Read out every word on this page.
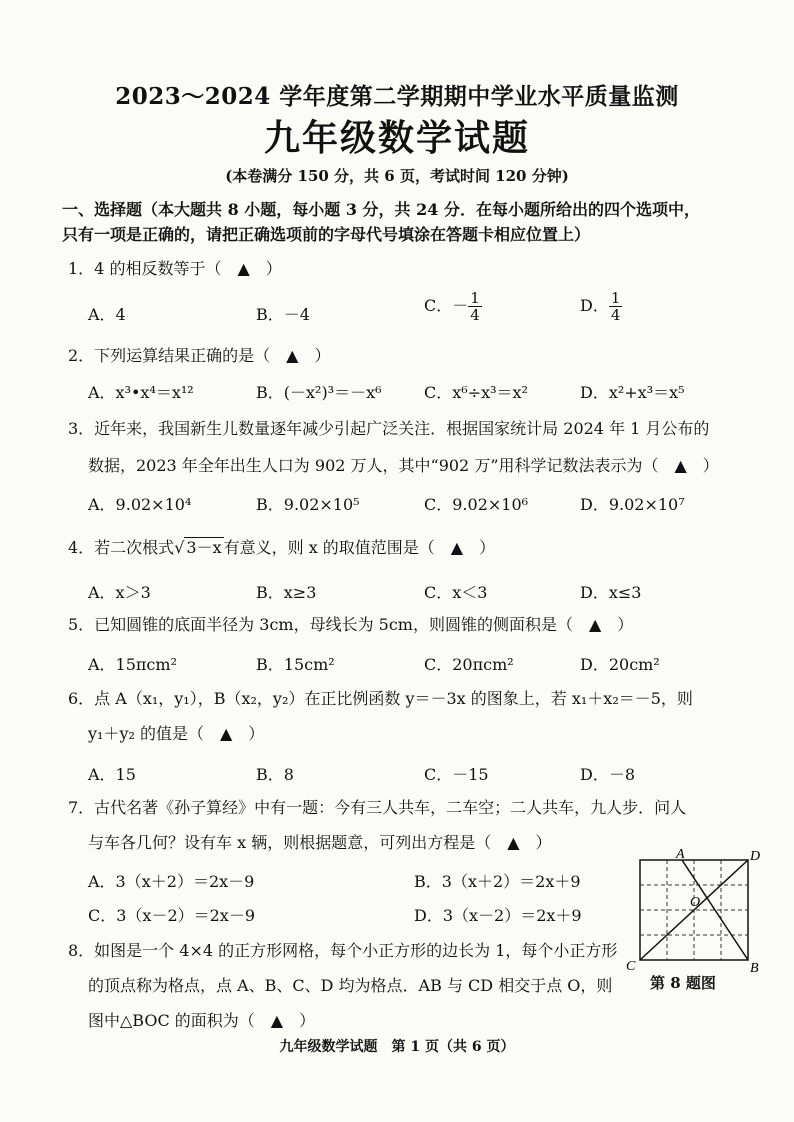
2023～2024 学年度第二学期期中学业水平质量监测
九年级数学试题
(本卷满分 150 分，共 6 页，考试时间 120 分钟)
一、选择题（本大题共 8 小题，每小题 3 分，共 24 分．在每小题所给出的四个选项中，
只有一项是正确的，请把正确选项前的字母代号填涂在答题卡相应位置上）
1．4 的相反数等于（　▲　）
A．4	B．－4	C．－ $\frac{1}{4}$	D． $\frac{1}{4}$
2．下列运算结果正确的是（　▲　）
A．x³•x⁴＝x¹²	B．(－x²)³＝－x⁶	C．x⁶÷x³＝x²	D．x²+x³＝x⁵
3．近年来，我国新生儿数量逐年减少引起广泛关注．根据国家统计局 2024 年 1 月公布的
数据，2023 年全年出生人口为 902 万人，其中“902 万”用科学记数法表示为（　▲　）
A．9.02×10⁴	B．9.02×10⁵	C．9.02×10⁶	D．9.02×10⁷
4．若二次根式√ 3－x 有意义，则 x 的取值范围是（　▲　）
A．x＞3	B．x≥3	C．x＜3	D．x≤3
5．已知圆锥的底面半径为 3cm，母线长为 5cm，则圆锥的侧面积是（　▲　）
A．15πcm²	B．15cm²	C．20πcm²	D．20cm²
6．点 A（x₁，y₁），B（x₂，y₂）在正比例函数 y＝－3x 的图象上，若 x₁＋x₂＝－5，则
y₁＋y₂ 的值是（　▲　）
A．15	B．8	C．－15	D．－8
7．古代名著《孙子算经》中有一题：今有三人共车，二车空；二人共车，九人步．问人
与车各几何？设有车 x 辆，则根据题意，可列出方程是（　▲　）
A．3（x＋2）＝2x－9	B．3（x＋2）＝2x＋9
C．3（x－2）＝2x－9	D．3（x－2）＝2x＋9
8．如图是一个 4×4 的正方形网格，每个小正方形的边长为 1，每个小正方形
的顶点称为格点，点 A、B、C、D 均为格点．AB 与 CD 相交于点 O，则
图中△BOC 的面积为（　▲　）
A	D
C	B
O
第 8 题图
九年级数学试题　第 1 页（共 6 页）
